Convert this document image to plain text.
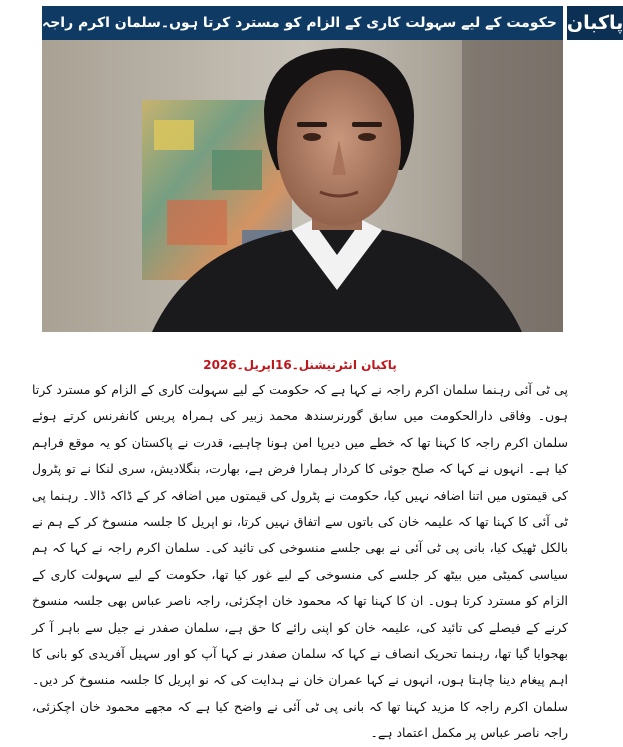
حکومت کے لیے سہولت کاری کے الزام کو مسترد کرتا ہوں۔سلمان اکرم راجہ پاکبان
پاکبان انٹرنیشنل۔16اپریل۔2026

پی ٹی آئی رہنما سلمان اکرم راجہ نے کہا ہے کہ حکومت کے لیے سہولت کاری کے الزام کو مسترد کرتا ہوں۔ وفاقی دارالحکومت میں سابق گورنرسندھ محمد زبیر کی ہمراہ پریس کانفرنس کرتے ہوئے سلمان اکرم راجہ کا کہنا تھا کہ خطے میں دیرپا امن ہونا چاہیے، قدرت نے پاکستان کو یہ موقع فراہم کیا ہے۔ انہوں نے کہا کہ صلح جوئی کا کردار ہمارا فرض ہے، بھارت، بنگلادیش، سری لنکا نے تو پٹرول کی قیمتوں میں اتنا اضافہ نہیں کیا، حکومت نے پٹرول کی قیمتوں میں اضافہ کر کے ڈاکہ ڈالا۔ رہنما پی ٹی آئی کا کہنا تھا کہ علیمہ خان کی باتوں سے اتفاق نہیں کرتا، نو اپریل کا جلسہ منسوخ کر کے ہم نے بالکل ٹھیک کیا، بانی پی ٹی آئی نے بھی جلسے منسوخی کی تائید کی۔ سلمان اکرم راجہ نے کہا کہ ہم سیاسی کمیٹی میں بیٹھ کر جلسے کی منسوخی کے لیے غور کیا تھا، حکومت کے لیے سہولت کاری کے الزام کو مسترد کرتا ہوں۔ ان کا کہنا تھا کہ محمود خان اچکزئی، راجہ ناصر عباس بھی جلسہ منسوخ کرنے کے فیصلے کی تائید کی، علیمہ خان کو اپنی رائے کا حق ہے، سلمان صفدر نے جیل سے باہر آ کر بھجوایا گیا تھا، رہنما تحریک انصاف نے کہا کہ سلمان صفدر نے کہا آپ کو اور سہیل آفریدی کو بانی کا اہم پیغام دینا چاہتا ہوں، انہوں نے کہا عمران خان نے ہدایت کی کہ نو اپریل کا جلسہ منسوخ کر دیں۔ سلمان اکرم راجہ کا مزید کہنا تھا کہ بانی پی ٹی آئی نے واضح کیا ہے کہ مجھے محمود خان اچکزئی، راجہ ناصر عباس پر مکمل اعتماد ہے۔
